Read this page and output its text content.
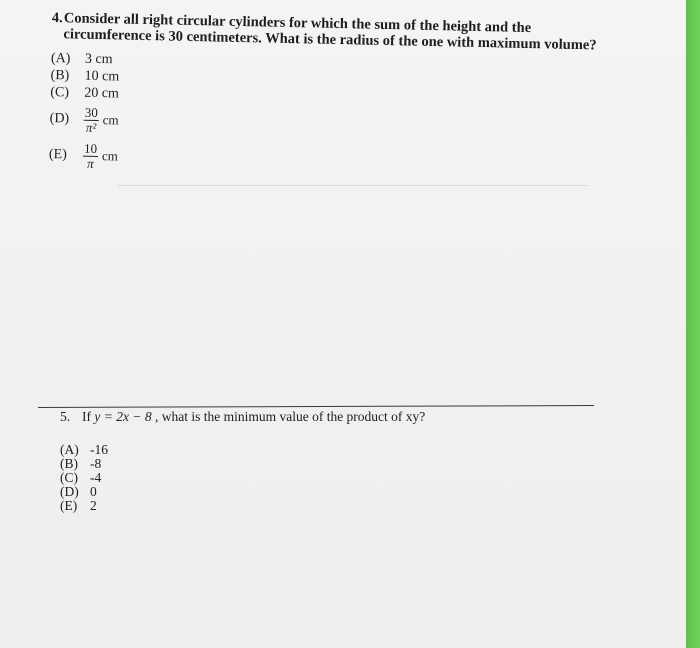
4. Consider all right circular cylinders for which the sum of the height and the circumference is 30 centimeters. What is the radius of the one with maximum volume?
(A)	3 cm
(B)	10 cm
(C)	20 cm
(D)	$\frac{30}{\text{π²}}$ cm
(E)	$\frac{10}{\pi}$ cm
5. If y = 2x − 8 , what is the minimum value of the product of xy?
(A) -16
(B) -8
(C) -4
(D) 0
(E) 2
